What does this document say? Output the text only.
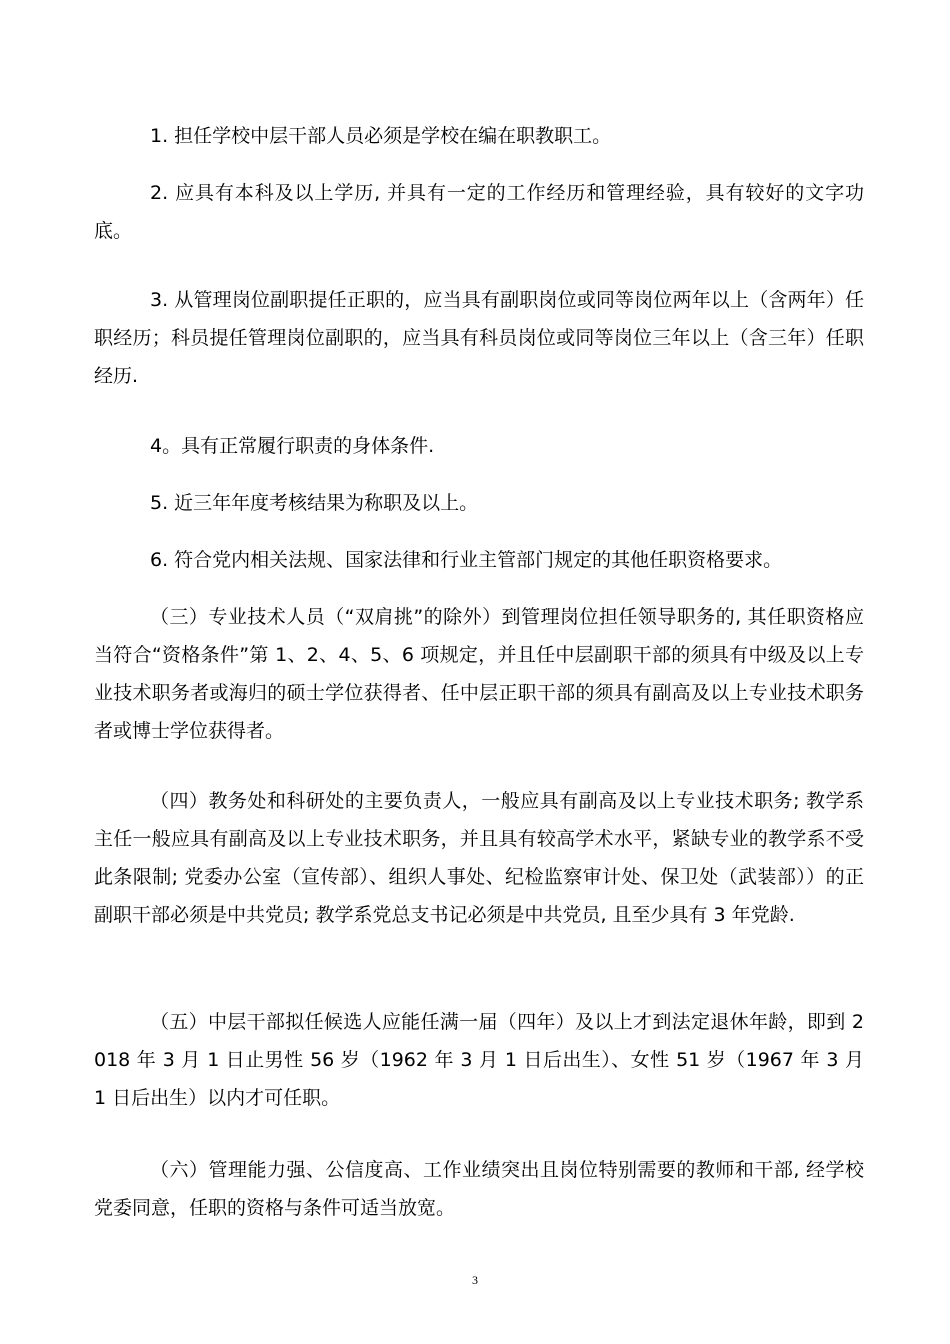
1. 担任学校中层干部人员必须是学校在编在职教职工。

2. 应具有本科及以上学历, 并具有一定的工作经历和管理经验，具有较好的文字功底。

3. 从管理岗位副职提任正职的，应当具有副职岗位或同等岗位两年以上（含两年）任职经历；科员提任管理岗位副职的，应当具有科员岗位或同等岗位三年以上（含三年）任职经历.

4。具有正常履行职责的身体条件.

5. 近三年年度考核结果为称职及以上。

6. 符合党内相关法规、国家法律和行业主管部门规定的其他任职资格要求。

（三）专业技术人员（“双肩挑”的除外）到管理岗位担任领导职务的, 其任职资格应当符合“资格条件”第 1、2、4、5、6 项规定，并且任中层副职干部的须具有中级及以上专业技术职务者或海归的硕士学位获得者、任中层正职干部的须具有副高及以上专业技术职务者或博士学位获得者。

（四）教务处和科研处的主要负责人，一般应具有副高及以上专业技术职务; 教学系主任一般应具有副高及以上专业技术职务，并且具有较高学术水平，紧缺专业的教学系不受此条限制; 党委办公室（宣传部）、组织人事处、纪检监察审计处、保卫处（武装部））的正副职干部必须是中共党员; 教学系党总支书记必须是中共党员, 且至少具有 3 年党龄.

（五）中层干部拟任候选人应能任满一届（四年）及以上才到法定退休年龄，即到 2018 年 3 月 1 日止男性 56 岁（1962 年 3 月 1 日后出生）、女性 51 岁（1967 年 3 月 1 日后出生）以内才可任职。

（六）管理能力强、公信度高、工作业绩突出且岗位特别需要的教师和干部, 经学校党委同意，任职的资格与条件可适当放宽。

3
